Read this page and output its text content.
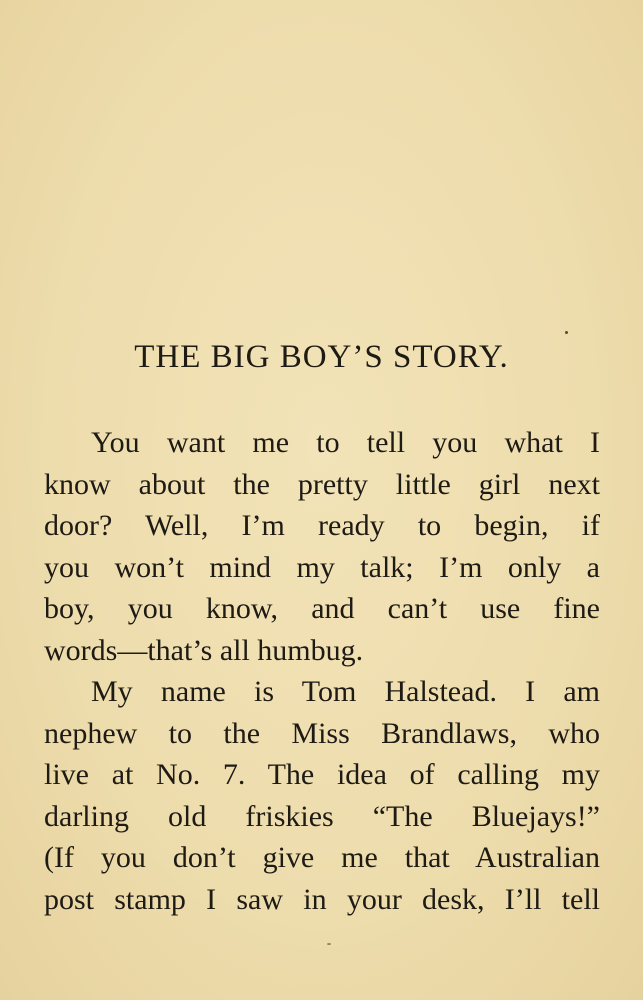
THE BIG BOY’S STORY.
You want me to tell you what I
know about the pretty little girl next
door? Well, I’m ready to begin, if
you won’t mind my talk; I’m only a
boy, you know, and can’t use fine
words—that’s all humbug.
My name is Tom Halstead. I am
nephew to the Miss Brandlaws, who
live at No. 7. The idea of calling my
darling old friskies “The Bluejays!”
(If you don’t give me that Australian
post stamp I saw in your desk, I’ll tell
